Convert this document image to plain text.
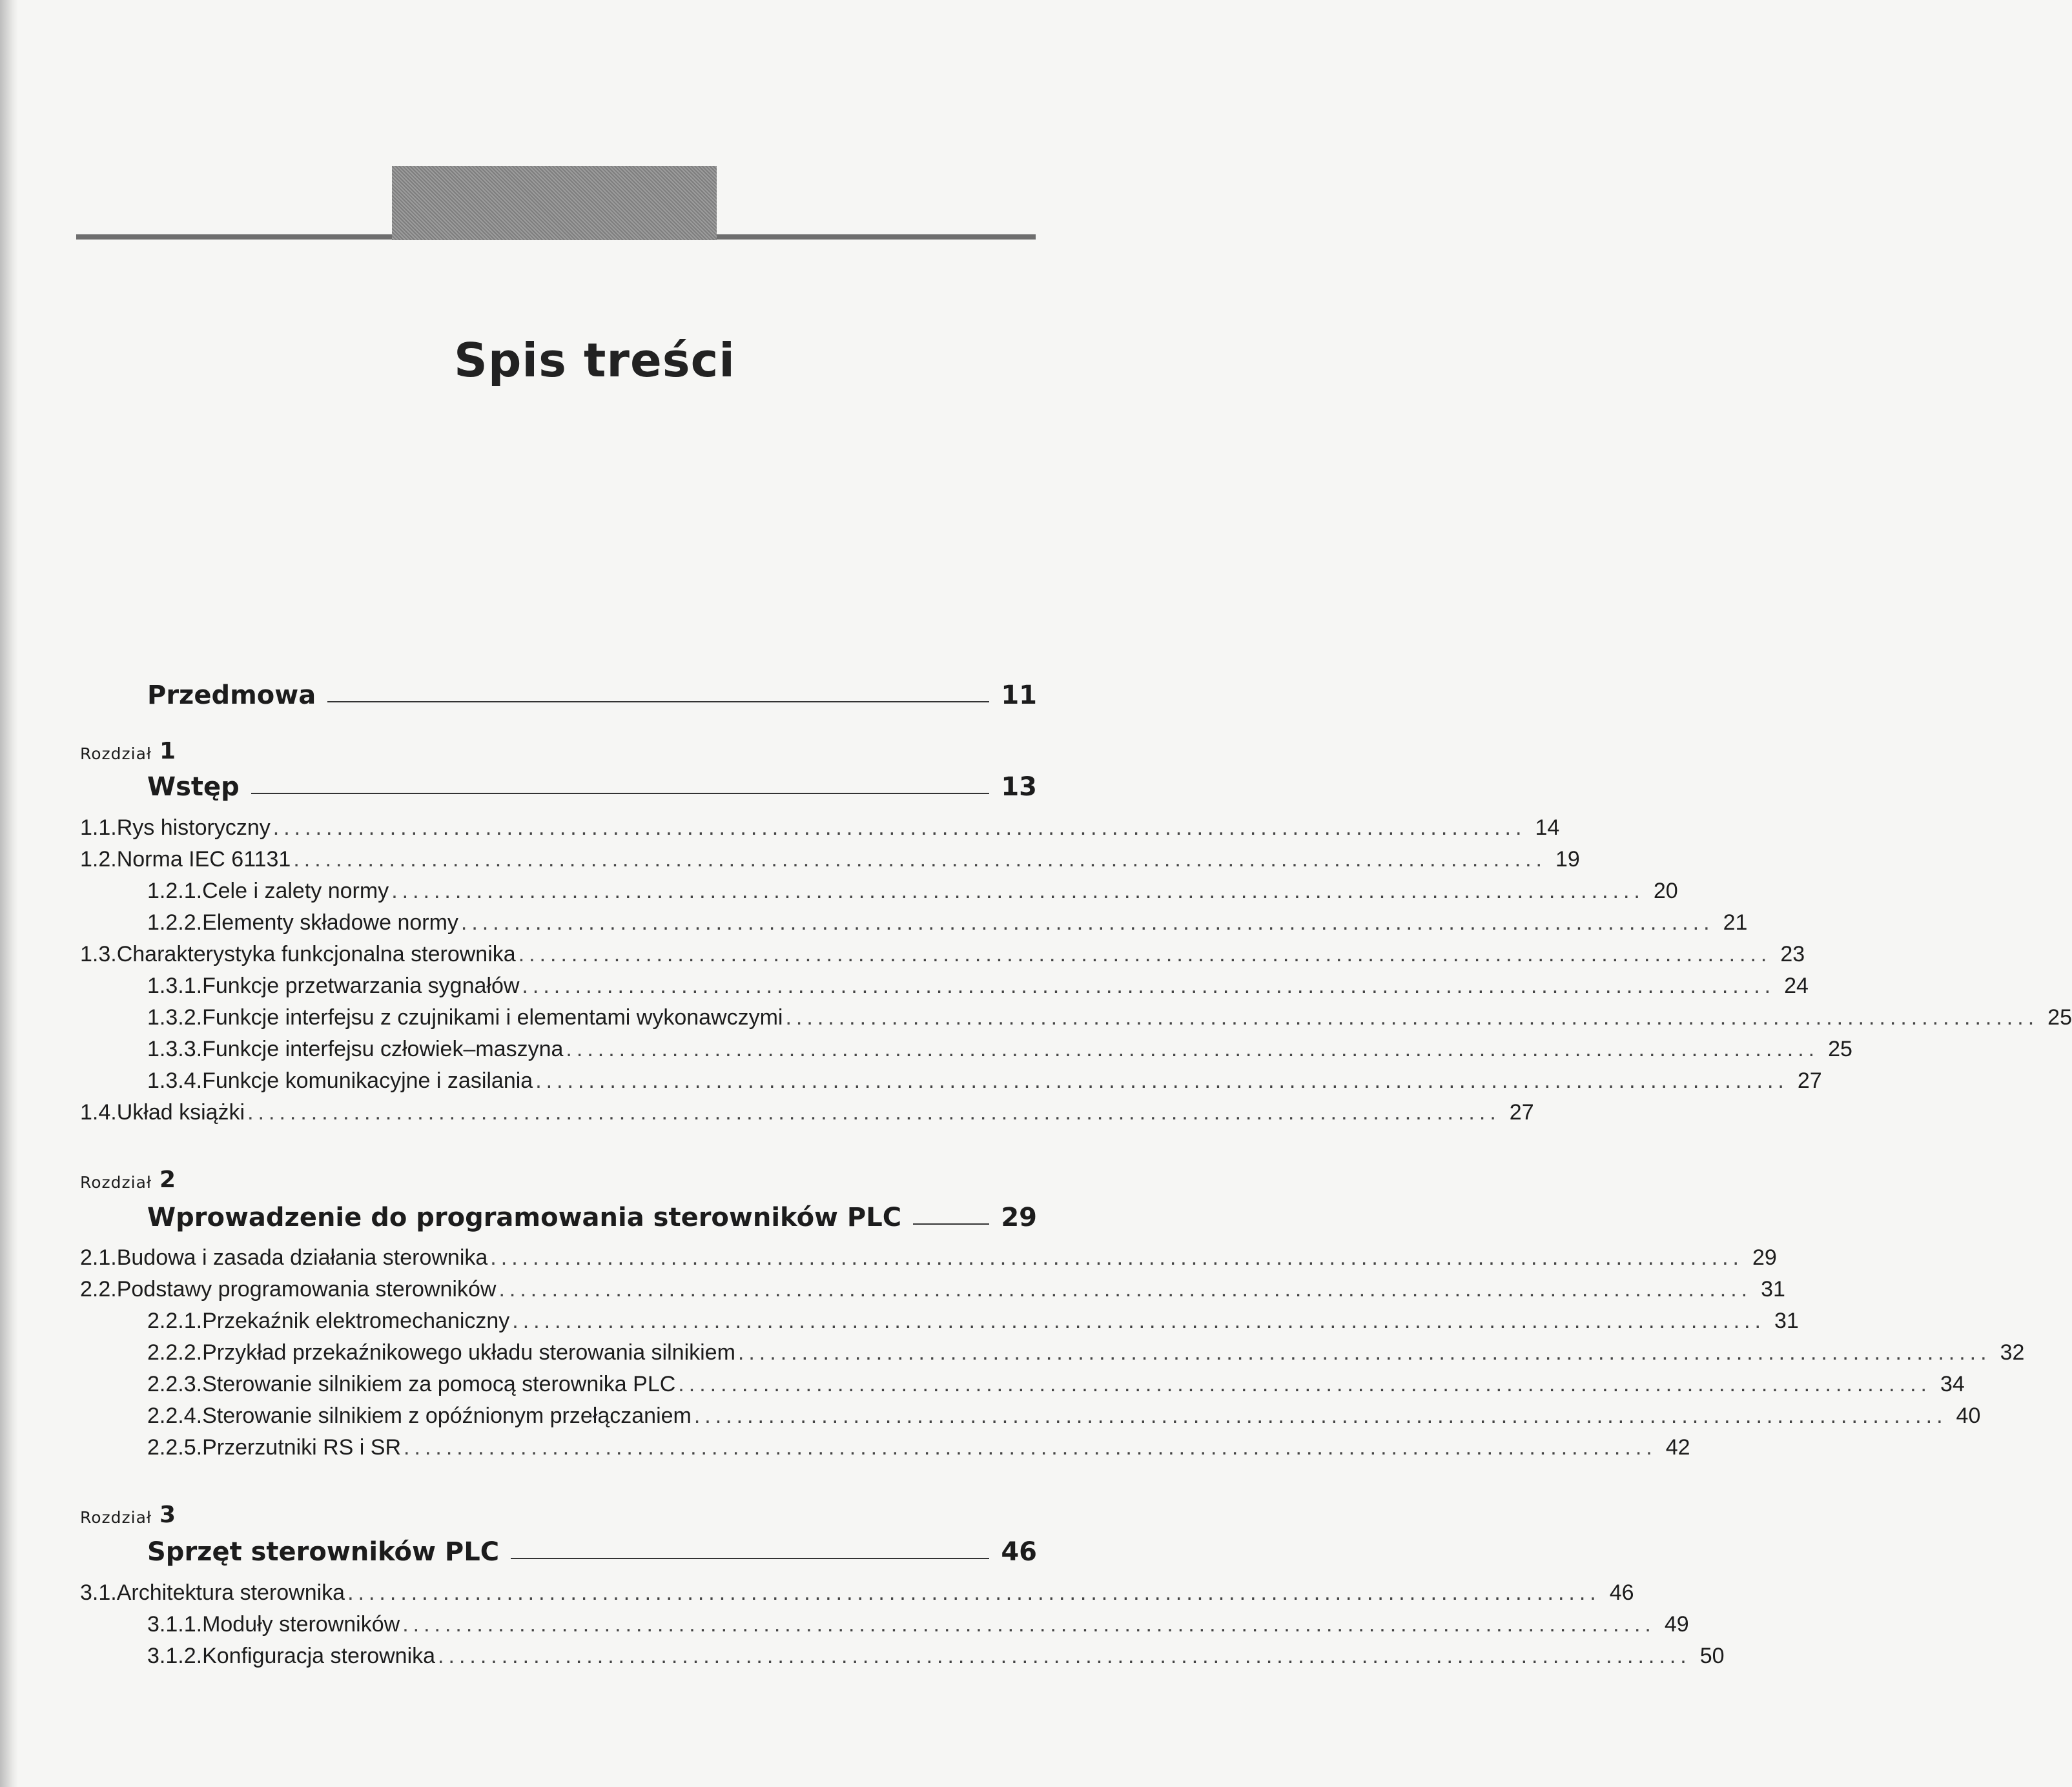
Spis treści
Przedmowa	11
Rozdział 1
Wstęp	13
1.1. Rys historyczny ...................................................................................................................... 14
1.2. Norma IEC 61131 ...................................................................................................................... 19
1.2.1. Cele i zalety normy ...................................................................................................................... 20
1.2.2. Elementy składowe normy ...................................................................................................................... 21
1.3. Charakterystyka funkcjonalna sterownika ...................................................................................................................... 23
1.3.1. Funkcje przetwarzania sygnałów ...................................................................................................................... 24
1.3.2. Funkcje interfejsu z czujnikami i elementami wykonawczymi ...................................................................................................................... 25
1.3.3. Funkcje interfejsu człowiek–maszyna ...................................................................................................................... 25
1.3.4. Funkcje komunikacyjne i zasilania ...................................................................................................................... 27
1.4. Układ książki ...................................................................................................................... 27
Rozdział 2
Wprowadzenie do programowania sterowników PLC	29
2.1. Budowa i zasada działania sterownika ...................................................................................................................... 29
2.2. Podstawy programowania sterowników ...................................................................................................................... 31
2.2.1. Przekaźnik elektromechaniczny ...................................................................................................................... 31
2.2.2. Przykład przekaźnikowego układu sterowania silnikiem ...................................................................................................................... 32
2.2.3. Sterowanie silnikiem za pomocą sterownika PLC ...................................................................................................................... 34
2.2.4. Sterowanie silnikiem z opóźnionym przełączaniem ...................................................................................................................... 40
2.2.5. Przerzutniki RS i SR ...................................................................................................................... 42
Rozdział 3
Sprzęt sterowników PLC	46
3.1. Architektura sterownika ...................................................................................................................... 46
3.1.1. Moduły sterowników ...................................................................................................................... 49
3.1.2. Konfiguracja sterownika ...................................................................................................................... 50
